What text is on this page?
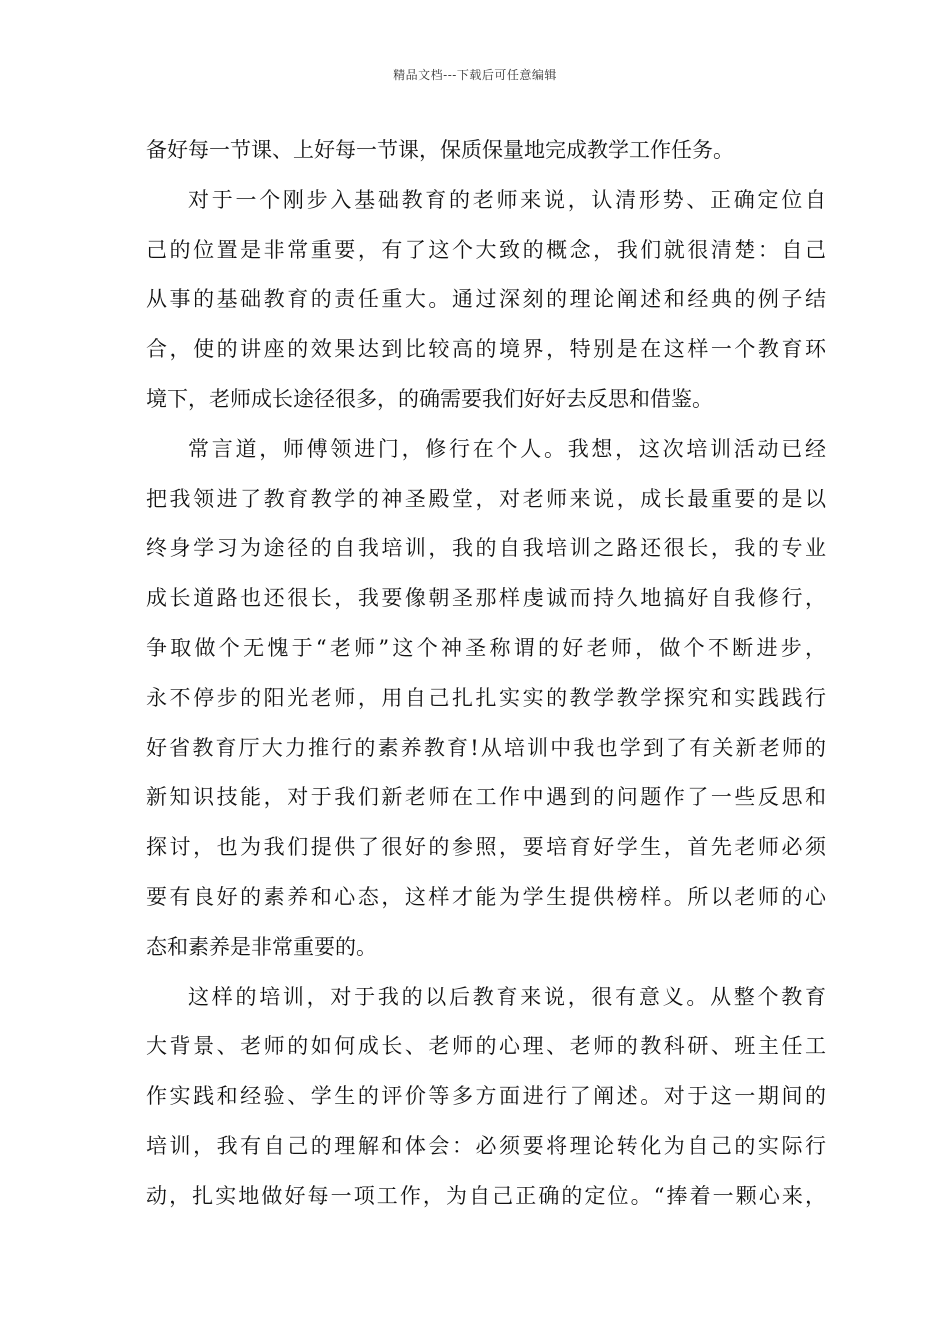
精品文档---下载后可任意编辑
备好每一节课、上好每一节课，保质保量地完成教学工作任务。
对于一个刚步入基础教育的老师来说，认清形势、正确定位自
己的位置是非常重要，有了这个大致的概念，我们就很清楚：自己
从事的基础教育的责任重大。通过深刻的理论阐述和经典的例子结
合，使的讲座的效果达到比较高的境界，特别是在这样一个教育环
境下，老师成长途径很多，的确需要我们好好去反思和借鉴。
常言道，师傅领进门，修行在个人。我想，这次培训活动已经
把我领进了教育教学的神圣殿堂，对老师来说，成长最重要的是以
终身学习为途径的自我培训，我的自我培训之路还很长，我的专业
成长道路也还很长，我要像朝圣那样虔诚而持久地搞好自我修行，
争取做个无愧于“老师”这个神圣称谓的好老师，做个不断进步，
永不停步的阳光老师，用自己扎扎实实的教学教学探究和实践践行
好省教育厅大力推行的素养教育!从培训中我也学到了有关新老师的
新知识技能，对于我们新老师在工作中遇到的问题作了一些反思和
探讨，也为我们提供了很好的参照，要培育好学生，首先老师必须
要有良好的素养和心态，这样才能为学生提供榜样。所以老师的心
态和素养是非常重要的。
这样的培训，对于我的以后教育来说，很有意义。从整个教育
大背景、老师的如何成长、老师的心理、老师的教科研、班主任工
作实践和经验、学生的评价等多方面进行了阐述。对于这一期间的
培训，我有自己的理解和体会：必须要将理论转化为自己的实际行
动，扎实地做好每一项工作，为自己正确的定位。“捧着一颗心来，
